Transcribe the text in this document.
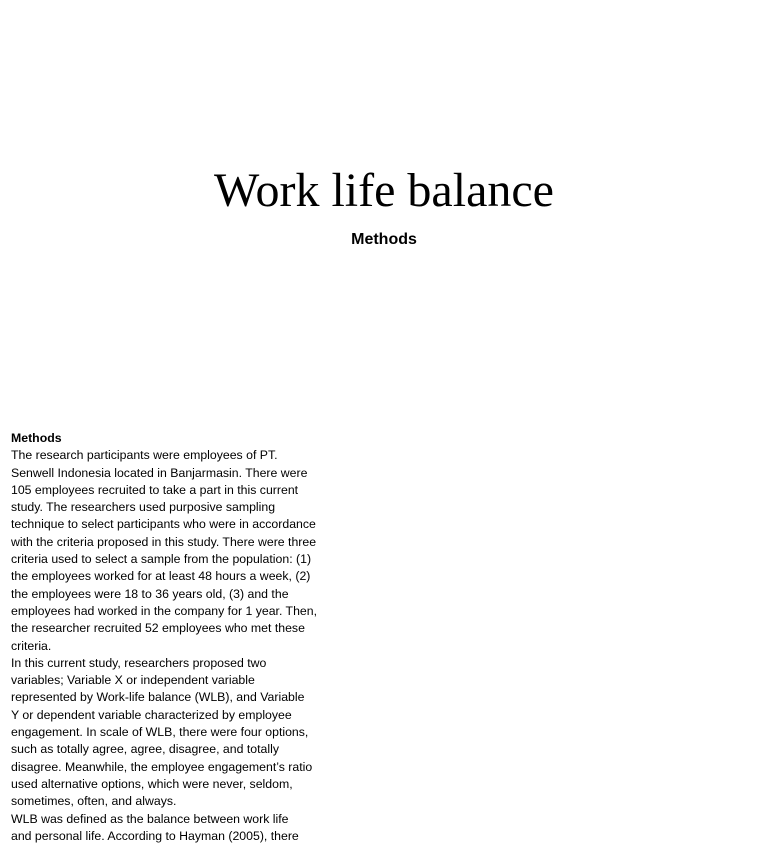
Work life balance
Methods

Methods

The research participants were employees of PT.
Senwell Indonesia located in Banjarmasin. There were
105 employees recruited to take a part in this current
study. The researchers used purposive sampling
technique to select participants who were in accordance
with the criteria proposed in this study. There were three
criteria used to select a sample from the population: (1)
the employees worked for at least 48 hours a week, (2)
the employees were 18 to 36 years old, (3) and the
employees had worked in the company for 1 year. Then,
the researcher recruited 52 employees who met these
criteria.

In this current study, researchers proposed two
variables; Variable X or independent variable
represented by Work-life balance (WLB), and Variable
Y or dependent variable characterized by employee
engagement. In scale of WLB, there were four options,
such as totally agree, agree, disagree, and totally
disagree. Meanwhile, the employee engagement’s ratio
used alternative options, which were never, seldom,
sometimes, often, and always.

WLB was defined as the balance between work life
and personal life. According to Hayman (2005), there
